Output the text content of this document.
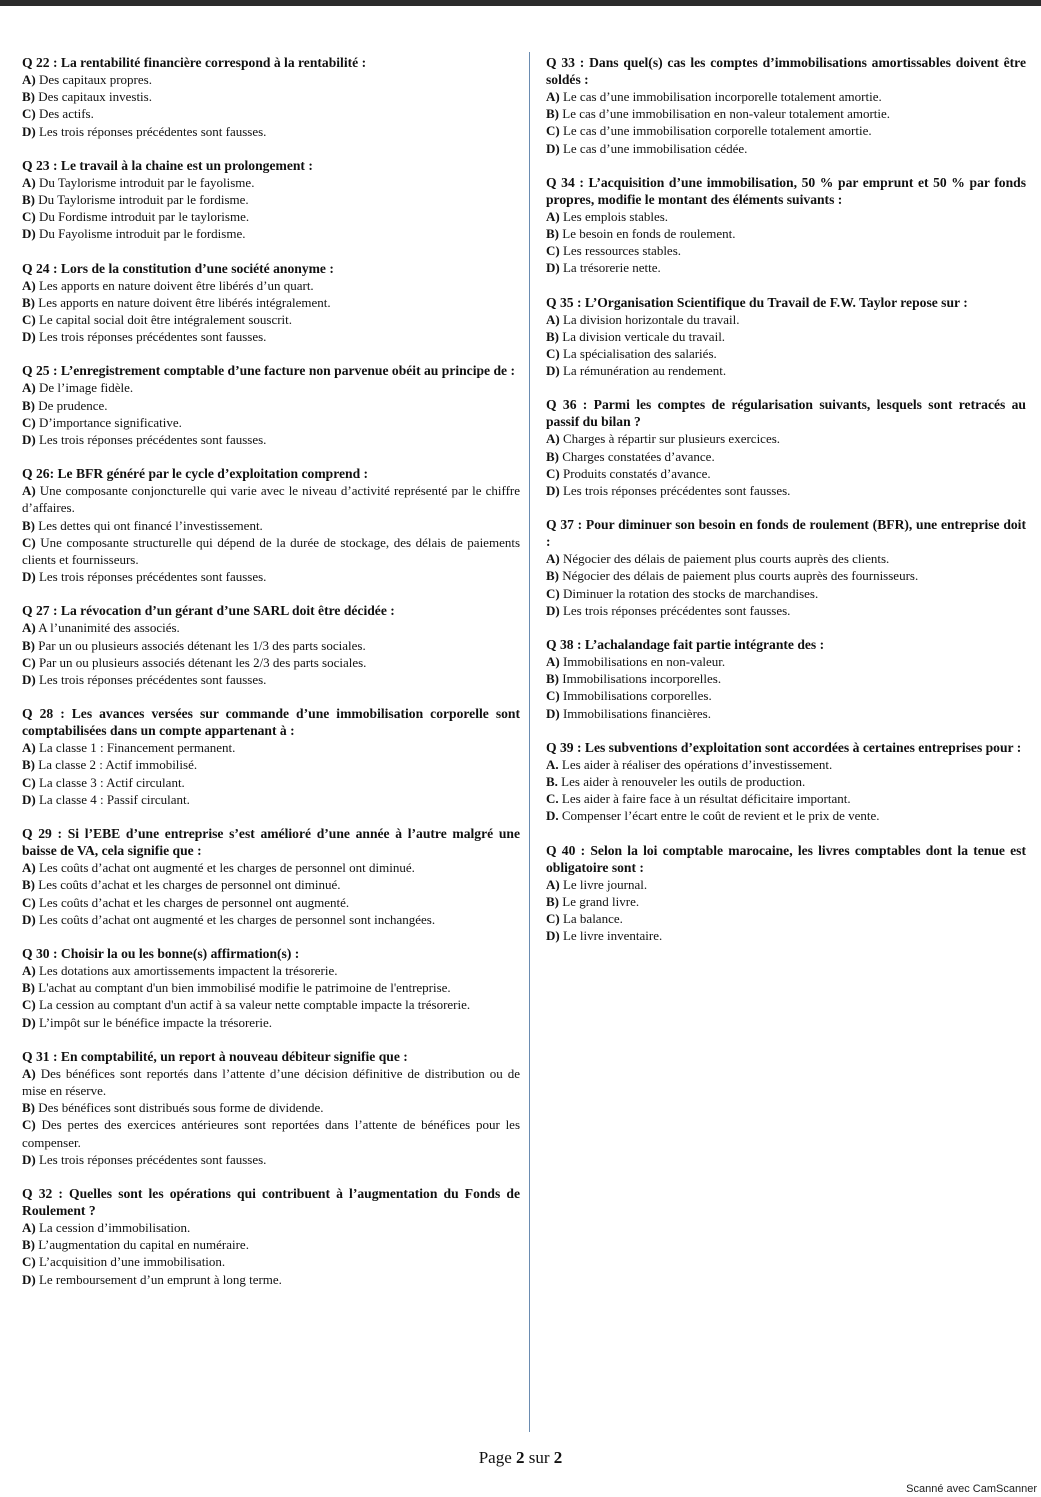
Q 22 : La rentabilité financière correspond à la rentabilité :
A) Des capitaux propres.
B) Des capitaux investis.
C) Des actifs.
D) Les trois réponses précédentes sont fausses.
Q 23 : Le travail à la chaine est un prolongement :
A) Du Taylorisme introduit par le fayolisme.
B) Du Taylorisme introduit par le fordisme.
C) Du Fordisme introduit par le taylorisme.
D) Du Fayolisme introduit par le fordisme.
Q 24 : Lors de la constitution d’une société anonyme :
A) Les apports en nature doivent être libérés d’un quart.
B) Les apports en nature doivent être libérés intégralement.
C) Le capital social doit être intégralement souscrit.
D) Les trois réponses précédentes sont fausses.
Q 25 : L’enregistrement comptable d’une facture non parvenue obéit au principe de :
A) De l’image fidèle.
B) De prudence.
C) D’importance significative.
D) Les trois réponses précédentes sont fausses.
Q 26: Le BFR généré par le cycle d’exploitation comprend :
A) Une composante conjoncturelle qui varie avec le niveau d’activité représenté par le chiffre d’affaires.
B) Les dettes qui ont financé l’investissement.
C) Une composante structurelle qui dépend de la durée de stockage, des délais de paiements clients et fournisseurs.
D) Les trois réponses précédentes sont fausses.
Q 27 : La révocation d’un gérant d’une SARL doit être décidée :
A) A l’unanimité des associés.
B) Par un ou plusieurs associés détenant les 1/3 des parts sociales.
C) Par un ou plusieurs associés détenant les 2/3 des parts sociales.
D) Les trois réponses précédentes sont fausses.
Q 28 : Les avances versées sur commande d’une immobilisation corporelle sont comptabilisées dans un compte appartenant à :
A) La classe 1 : Financement permanent.
B) La classe 2 : Actif immobilisé.
C) La classe 3 : Actif circulant.
D) La classe 4 : Passif circulant.
Q 29 : Si l’EBE d’une entreprise s’est amélioré d’une année à l’autre malgré une baisse de VA, cela signifie que :
A) Les coûts d’achat ont augmenté et les charges de personnel ont diminué.
B) Les coûts d’achat et les charges de personnel ont diminué.
C) Les coûts d’achat et les charges de personnel ont augmenté.
D) Les coûts d’achat ont augmenté et les charges de personnel sont inchangées.
Q 30 : Choisir la ou les bonne(s) affirmation(s) :
A) Les dotations aux amortissements impactent la trésorerie.
B) L'achat au comptant d'un bien immobilisé modifie le patrimoine de l'entreprise.
C) La cession au comptant d'un actif à sa valeur nette comptable impacte la trésorerie.
D) L’impôt sur le bénéfice impacte la trésorerie.
Q 31 : En comptabilité, un report à nouveau débiteur signifie que :
A) Des bénéfices sont reportés dans l’attente d’une décision définitive de distribution ou de mise en réserve.
B) Des bénéfices sont distribués sous forme de dividende.
C) Des pertes des exercices antérieures sont reportées dans l’attente de bénéfices pour les compenser.
D) Les trois réponses précédentes sont fausses.
Q 32 : Quelles sont les opérations qui contribuent à l’augmentation du Fonds de Roulement ?
A) La cession d’immobilisation.
B) L’augmentation du capital en numéraire.
C) L’acquisition d’une immobilisation.
D) Le remboursement d’un emprunt à long terme.
Q 33 : Dans quel(s) cas les comptes d’immobilisations amortissables doivent être soldés :
A) Le cas d’une immobilisation incorporelle totalement amortie.
B) Le cas d’une immobilisation en non-valeur totalement amortie.
C) Le cas d’une immobilisation corporelle totalement amortie.
D) Le cas d’une immobilisation cédée.
Q 34 : L’acquisition d’une immobilisation, 50 % par emprunt et 50 % par fonds propres, modifie le montant des éléments suivants :
A) Les emplois stables.
B) Le besoin en fonds de roulement.
C) Les ressources stables.
D) La trésorerie nette.
Q 35 : L’Organisation Scientifique du Travail de F.W. Taylor repose sur :
A) La division horizontale du travail.
B) La division verticale du travail.
C) La spécialisation des salariés.
D) La rémunération au rendement.
Q 36 : Parmi les comptes de régularisation suivants, lesquels sont retracés au passif du bilan ?
A) Charges à répartir sur plusieurs exercices.
B) Charges constatées d’avance.
C) Produits constatés d’avance.
D) Les trois réponses précédentes sont fausses.
Q 37 : Pour diminuer son besoin en fonds de roulement (BFR), une entreprise doit :
A) Négocier des délais de paiement plus courts auprès des clients.
B) Négocier des délais de paiement plus courts auprès des fournisseurs.
C) Diminuer la rotation des stocks de marchandises.
D) Les trois réponses précédentes sont fausses.
Q 38 : L’achalandage fait partie intégrante des :
A) Immobilisations en non-valeur.
B) Immobilisations incorporelles.
C) Immobilisations corporelles.
D) Immobilisations financières.
Q 39 : Les subventions d’exploitation sont accordées à certaines entreprises pour :
A. Les aider à réaliser des opérations d’investissement.
B. Les aider à renouveler les outils de production.
C. Les aider à faire face à un résultat déficitaire important.
D. Compenser l’écart entre le coût de revient et le prix de vente.
Q 40 : Selon la loi comptable marocaine, les livres comptables dont la tenue est obligatoire sont :
A) Le livre journal.
B) Le grand livre.
C) La balance.
D) Le livre inventaire.
Page 2 sur 2
Scanné avec CamScanner
